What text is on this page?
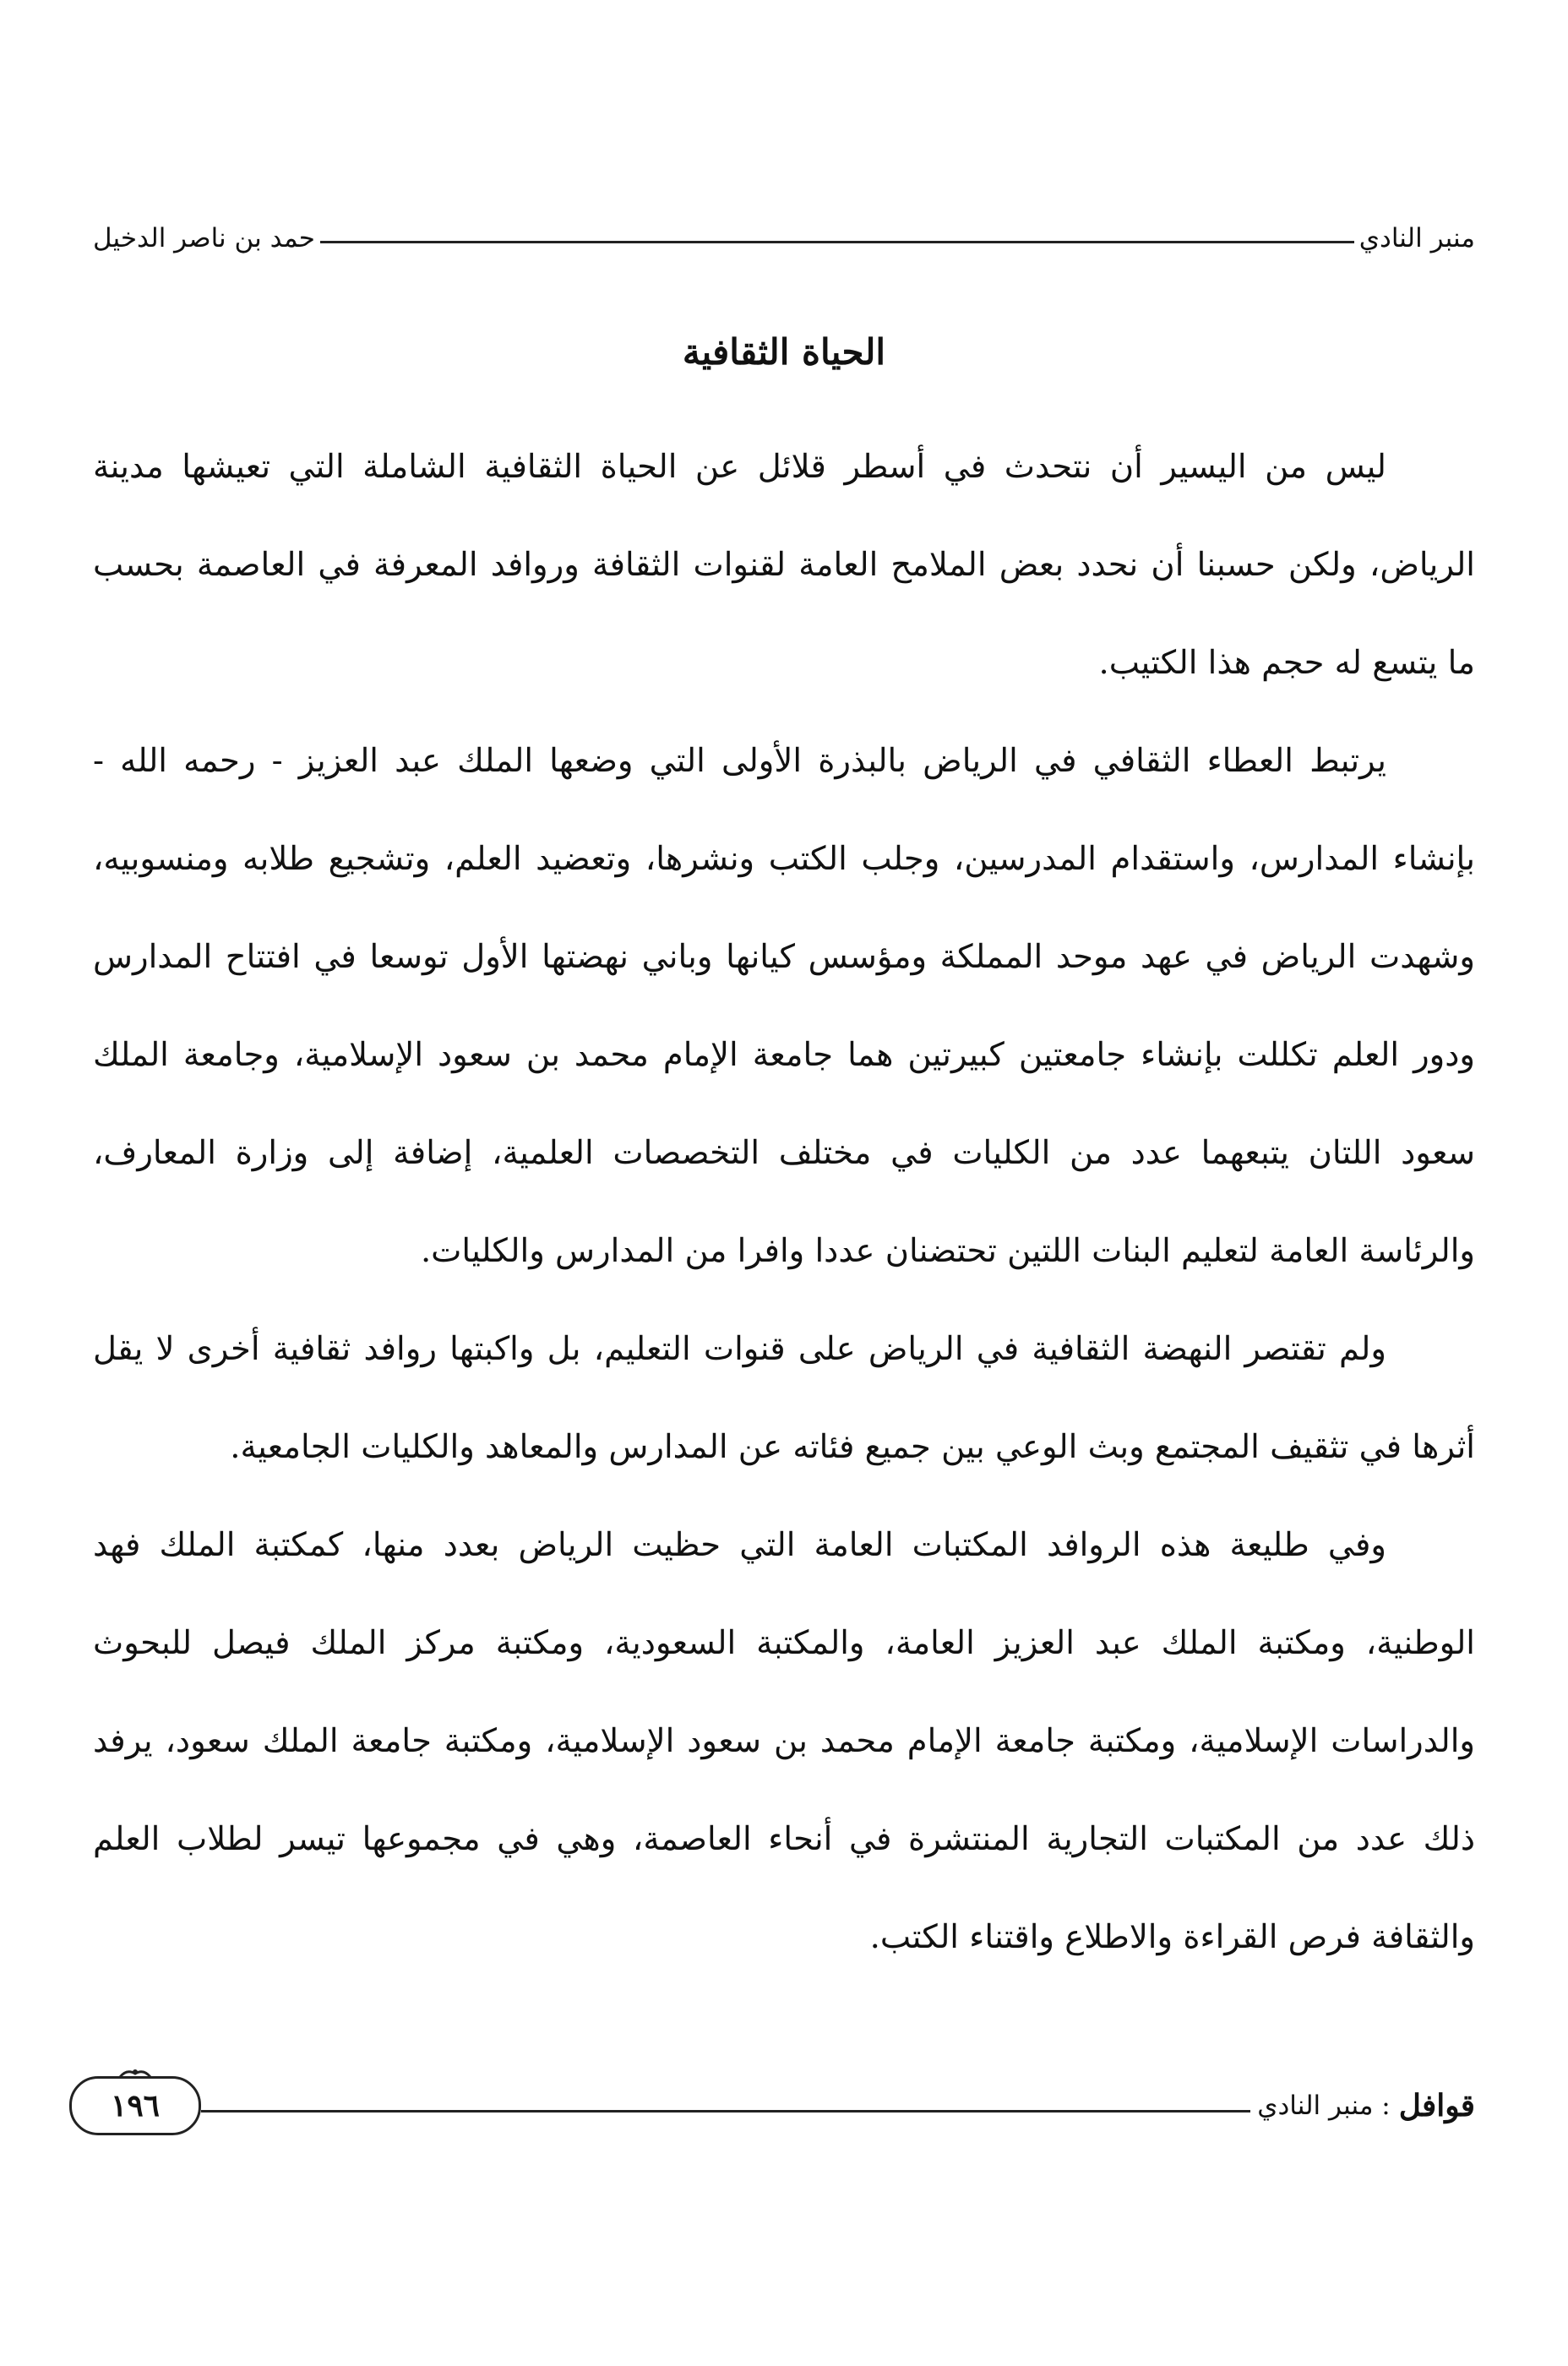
منبر النادي
حمد بن ناصر الدخيل
الحياة الثقافية

ليس من اليسير أن نتحدث في أسطر قلائل عن الحياة الثقافية الشاملة التي تعيشها مدينة الرياض، ولكن حسبنا أن نحدد بعض الملامح العامة لقنوات الثقافة وروافد المعرفة في العاصمة بحسب ما يتسع له حجم هذا الكتيب.

يرتبط العطاء الثقافي في الرياض بالبذرة الأولى التي وضعها الملك عبد العزيز - رحمه الله - بإنشاء المدارس، واستقدام المدرسين، وجلب الكتب ونشرها، وتعضيد العلم، وتشجيع طلابه ومنسوبيه، وشهدت الرياض في عهد موحد المملكة ومؤسس كيانها وباني نهضتها الأول توسعا في افتتاح المدارس ودور العلم تكللت بإنشاء جامعتين كبيرتين هما جامعة الإمام محمد بن سعود الإسلامية، وجامعة الملك سعود اللتان يتبعهما عدد من الكليات في مختلف التخصصات العلمية، إضافة إلى وزارة المعارف، والرئاسة العامة لتعليم البنات اللتين تحتضنان عددا وافرا من المدارس والكليات.

ولم تقتصر النهضة الثقافية في الرياض على قنوات التعليم، بل واكبتها روافد ثقافية أخرى لا يقل أثرها في تثقيف المجتمع وبث الوعي بين جميع فئاته عن المدارس والمعاهد والكليات الجامعية.

وفي طليعة هذه الروافد المكتبات العامة التي حظيت الرياض بعدد منها، كمكتبة الملك فهد الوطنية، ومكتبة الملك عبد العزيز العامة، والمكتبة السعودية، ومكتبة مركز الملك فيصل للبحوث والدراسات الإسلامية، ومكتبة جامعة الإمام محمد بن سعود الإسلامية، ومكتبة جامعة الملك سعود، يرفد ذلك عدد من المكتبات التجارية المنتشرة في أنحاء العاصمة، وهي في مجموعها تيسر لطلاب العلم والثقافة فرص القراءة والاطلاع واقتناء الكتب.

قوافل
: منبر النادي
١٩٦
